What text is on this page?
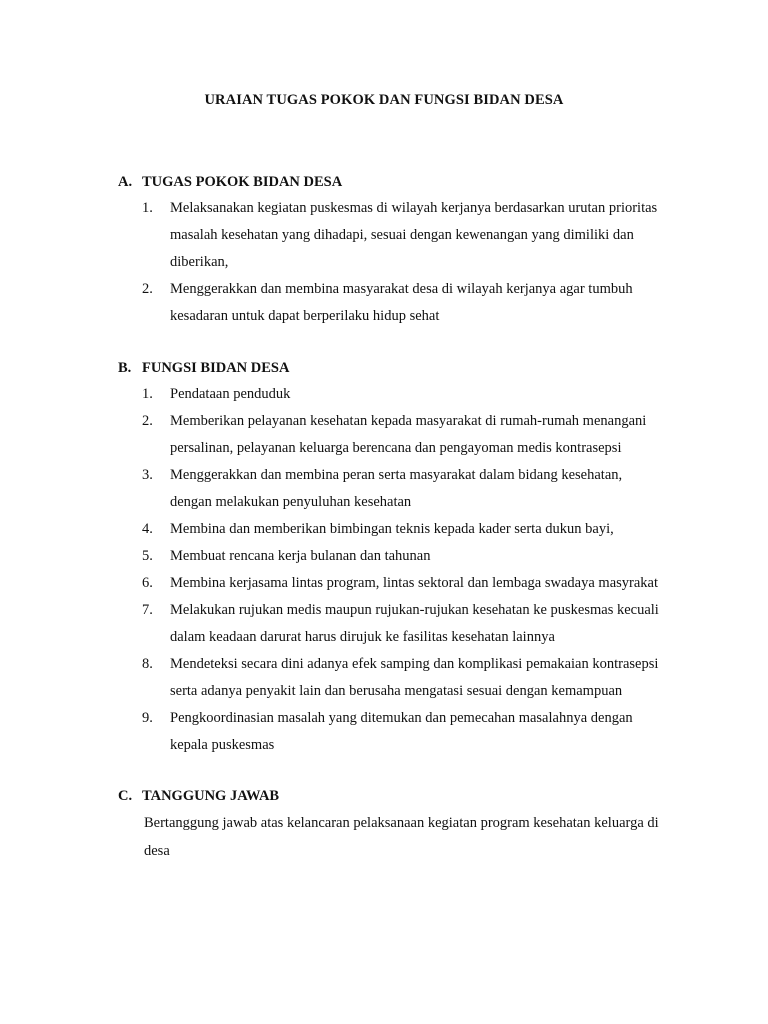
URAIAN TUGAS POKOK DAN FUNGSI BIDAN DESA
A. TUGAS POKOK BIDAN DESA
1. Melaksanakan kegiatan puskesmas di wilayah kerjanya berdasarkan urutan prioritas
masalah kesehatan yang dihadapi, sesuai dengan kewenangan yang dimiliki dan
diberikan,
2. Menggerakkan dan membina masyarakat desa di wilayah kerjanya agar tumbuh
kesadaran untuk dapat berperilaku hidup sehat
B. FUNGSI BIDAN DESA
1. Pendataan penduduk
2. Memberikan pelayanan kesehatan kepada masyarakat di rumah-rumah menangani
persalinan, pelayanan keluarga berencana dan pengayoman medis kontrasepsi
3. Menggerakkan dan membina peran serta masyarakat dalam bidang kesehatan,
dengan melakukan penyuluhan kesehatan
4. Membina dan memberikan bimbingan teknis kepada kader serta dukun bayi,
5. Membuat rencana kerja bulanan dan tahunan
6. Membina kerjasama lintas program, lintas sektoral dan lembaga swadaya masyrakat
7. Melakukan rujukan medis maupun rujukan-rujukan kesehatan ke puskesmas kecuali
dalam keadaan darurat harus dirujuk ke fasilitas kesehatan lainnya
8. Mendeteksi secara dini adanya efek samping dan komplikasi pemakaian kontrasepsi
serta adanya penyakit lain dan berusaha mengatasi sesuai dengan kemampuan
9. Pengkoordinasian masalah yang ditemukan dan pemecahan masalahnya dengan
kepala puskesmas
C. TANGGUNG JAWAB
Bertanggung jawab atas kelancaran pelaksanaan kegiatan program kesehatan keluarga di
desa
